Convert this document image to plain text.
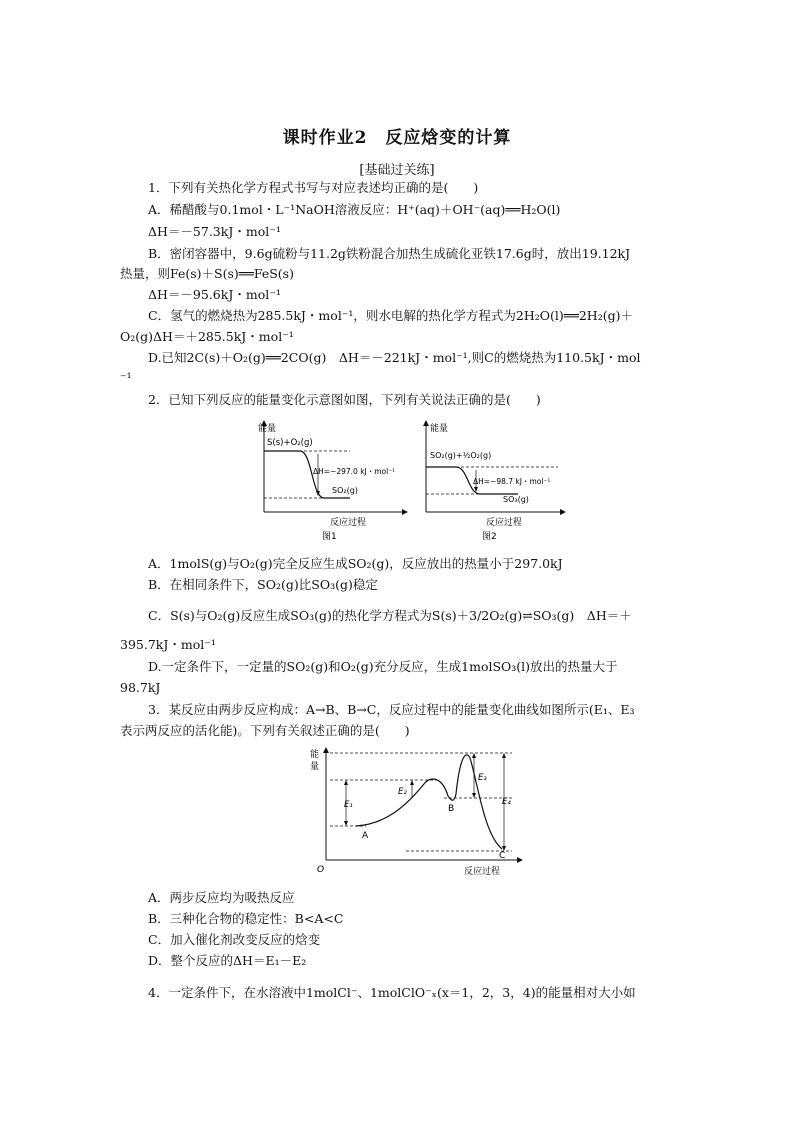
课时作业2　反应焓变的计算
[基础过关练]
1．下列有关热化学方程式书写与对应表述均正确的是(　　)
A．稀醋酸与0.1mol・L⁻¹NaOH溶液反应：H⁺(aq)＋OH⁻(aq)══H₂O(l)
ΔH＝－57.3kJ・mol⁻¹
B．密闭容器中，9.6g硫粉与11.2g铁粉混合加热生成硫化亚铁17.6g时，放出19.12kJ
热量，则Fe(s)＋S(s)══FeS(s)
ΔH＝－95.6kJ・mol⁻¹
C．氢气的燃烧热为285.5kJ・mol⁻¹，则水电解的热化学方程式为2H₂O(l)══2H₂(g)＋
O₂(g)ΔH＝＋285.5kJ・mol⁻¹
D.已知2C(s)＋O₂(g)══2CO(g)　ΔH＝－221kJ・mol⁻¹,则C的燃烧热为110.5kJ・mol
⁻¹
2．已知下列反应的能量变化示意图如图，下列有关说法正确的是(　　)
能量
S(s)+O₂(g)
ΔH=−297.0 kJ・mol⁻¹
SO₂(g)
反应过程
图1
能量
SO₂(g)+½O₂(g)
ΔH=−98.7 kJ・mol⁻¹
SO₃(g)
反应过程
图2
A．1molS(g)与O₂(g)完全反应生成SO₂(g)，反应放出的热量小于297.0kJ
B．在相同条件下，SO₂(g)比SO₃(g)稳定
C．S(s)与O₂(g)反应生成SO₃(g)的热化学方程式为S(s)＋3/2O₂(g)⇌SO₃(g)　ΔH＝＋
395.7kJ・mol⁻¹
D.一定条件下，一定量的SO₂(g)和O₂(g)充分反应，生成1molSO₃(l)放出的热量大于
98.7kJ
3．某反应由两步反应构成：A→B、B→C，反应过程中的能量变化曲线如图所示(E₁、E₃
表示两反应的活化能)。下列有关叙述正确的是(　　)
能
量
O	反应过程
E₁
E₂
E₃
E₄
A
B
C
A．两步反应均为吸热反应
B．三种化合物的稳定性：B<A<C
C．加入催化剂改变反应的焓变
D．整个反应的ΔH＝E₁－E₂
4．一定条件下，在水溶液中1molCl⁻、1molClO⁻ₓ(x＝1，2，3，4)的能量相对大小如
